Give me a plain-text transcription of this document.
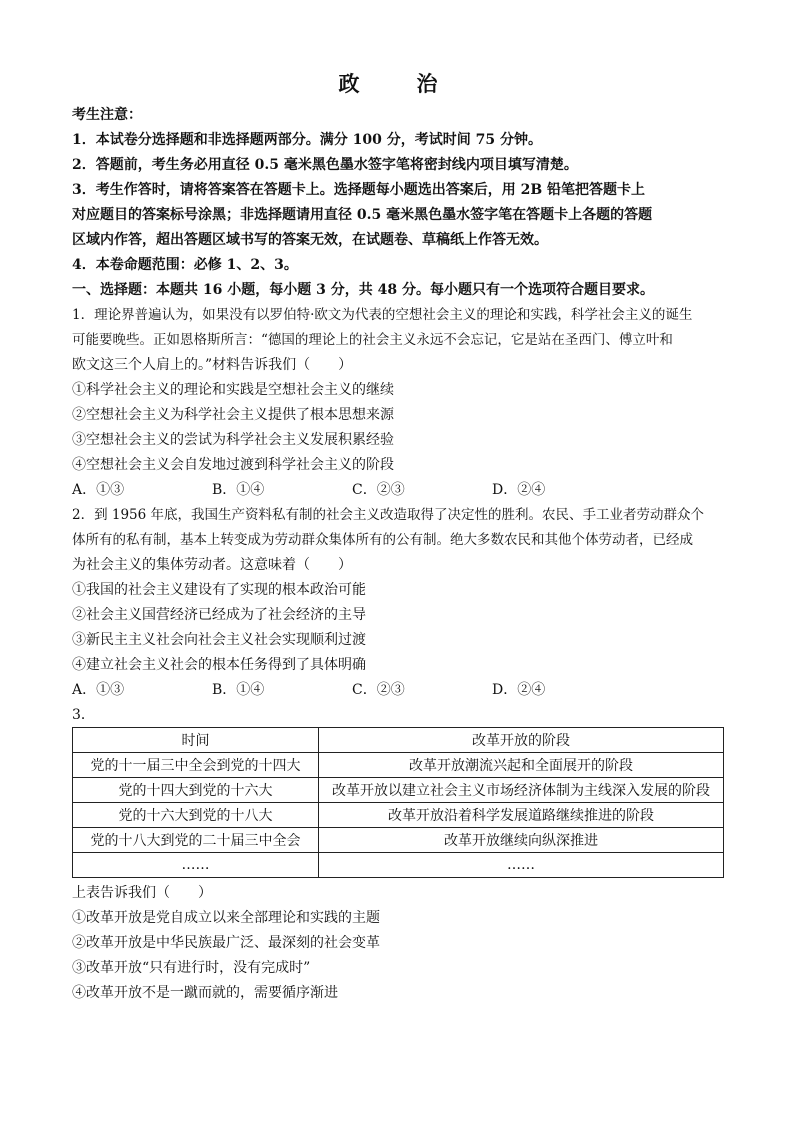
政　治
考生注意：
1．本试卷分选择题和非选择题两部分。满分 100 分，考试时间 75 分钟。
2．答题前，考生务必用直径 0.5 毫米黑色墨水签字笔将密封线内项目填写清楚。
3．考生作答时，请将答案答在答题卡上。选择题每小题选出答案后，用 2B 铅笔把答题卡上
对应题目的答案标号涂黑；非选择题请用直径 0.5 毫米黑色墨水签字笔在答题卡上各题的答题
区域内作答，超出答题区域书写的答案无效，在试题卷、草稿纸上作答无效。
4．本卷命题范围：必修 1、2、3。
一、选择题：本题共 16 小题，每小题 3 分，共 48 分。每小题只有一个选项符合题目要求。
1．理论界普遍认为，如果没有以罗伯特·欧文为代表的空想社会主义的理论和实践，科学社会主义的诞生
可能要晚些。正如恩格斯所言：“德国的理论上的社会主义永远不会忘记，它是站在圣西门、傅立叶和
欧文这三个人肩上的。”材料告诉我们（　　）
①科学社会主义的理论和实践是空想社会主义的继续
②空想社会主义为科学社会主义提供了根本思想来源
③空想社会主义的尝试为科学社会主义发展积累经验
④空想社会主义会自发地过渡到科学社会主义的阶段
A．①③	B．①④	C．②③	D．②④
2．到 1956 年底，我国生产资料私有制的社会主义改造取得了决定性的胜利。农民、手工业者劳动群众个
体所有的私有制，基本上转变成为劳动群众集体所有的公有制。绝大多数农民和其他个体劳动者，已经成
为社会主义的集体劳动者。这意味着（　　）
①我国的社会主义建设有了实现的根本政治可能
②社会主义国营经济已经成为了社会经济的主导
③新民主主义社会向社会主义社会实现顺利过渡
④建立社会主义社会的根本任务得到了具体明确
A．①③	B．①④	C．②③	D．②④
3．
时间	改革开放的阶段
党的十一届三中全会到党的十四大	改革开放潮流兴起和全面展开的阶段
党的十四大到党的十六大	改革开放以建立社会主义市场经济体制为主线深入发展的阶段
党的十六大到党的十八大	改革开放沿着科学发展道路继续推进的阶段
党的十八大到党的二十届三中全会	改革开放继续向纵深推进
……	……
上表告诉我们（　　）
①改革开放是党自成立以来全部理论和实践的主题
②改革开放是中华民族最广泛、最深刻的社会变革
③改革开放“只有进行时，没有完成时”
④改革开放不是一蹴而就的，需要循序渐进
